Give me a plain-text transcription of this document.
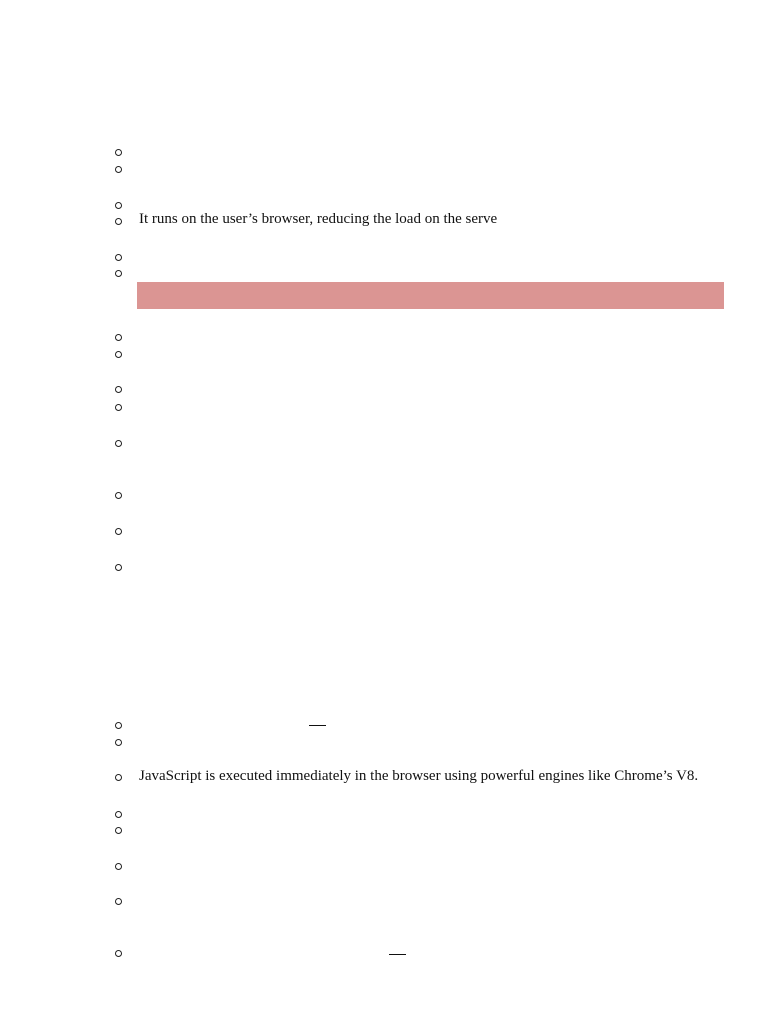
It runs on the user’s browser, reducing the load on the serve
JavaScript is executed immediately in the browser using powerful engines like Chrome’s V8.
